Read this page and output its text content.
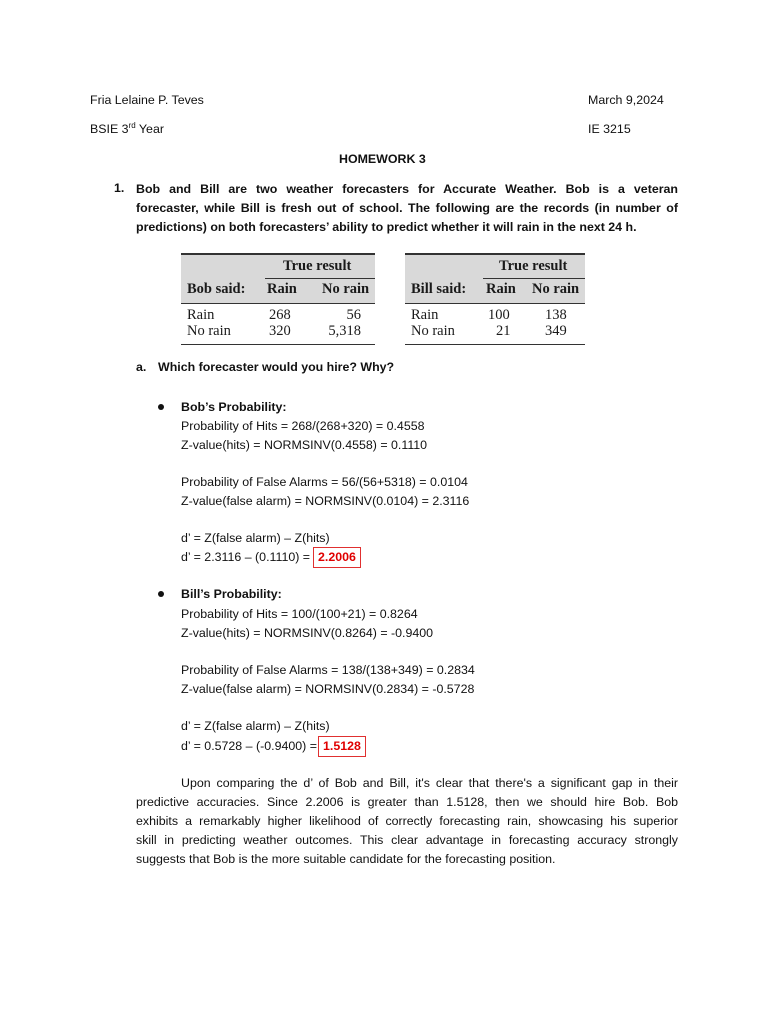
Fria Lelaine P. Teves	March 9,2024
BSIE 3rd Year	IE 3215
HOMEWORK 3
1. Bob and Bill are two weather forecasters for Accurate Weather. Bob is a veteran
forecaster, while Bill is fresh out of school. The following are the records (in number of
predictions) on both forecasters’ ability to predict whether it will rain in the next 24 h.
True result
Bob said: Rain No rain
Rain	268	56
No rain	320	5,318
True result
Bill said: Rain No rain
Rain	100 138
No rain	21 349
a. Which forecaster would you hire? Why?
Bob’s Probability:
Probability of Hits = 268/(268+320) = 0.4558
Z-value(hits) = NORMSINV(0.4558) = 0.1110
Probability of False Alarms = 56/(56+5318) = 0.0104
Z-value(false alarm) = NORMSINV(0.0104) = 2.3116
d’ = Z(false alarm) – Z(hits)
d’ = 2.3116 – (0.1110) = 2.2006
Bill’s Probability:
Probability of Hits = 100/(100+21) = 0.8264
Z-value(hits) = NORMSINV(0.8264) = -0.9400
Probability of False Alarms = 138/(138+349) = 0.2834
Z-value(false alarm) = NORMSINV(0.2834) = -0.5728
d’ = Z(false alarm) – Z(hits)
d’ = 0.5728 – (-0.9400) = 1.5128
Upon comparing the d’ of Bob and Bill, it's clear that there's a significant gap in their
predictive accuracies. Since 2.2006 is greater than 1.5128, then we should hire Bob. Bob
exhibits a remarkably higher likelihood of correctly forecasting rain, showcasing his superior
skill in predicting weather outcomes. This clear advantage in forecasting accuracy strongly
suggests that Bob is the more suitable candidate for the forecasting position.
